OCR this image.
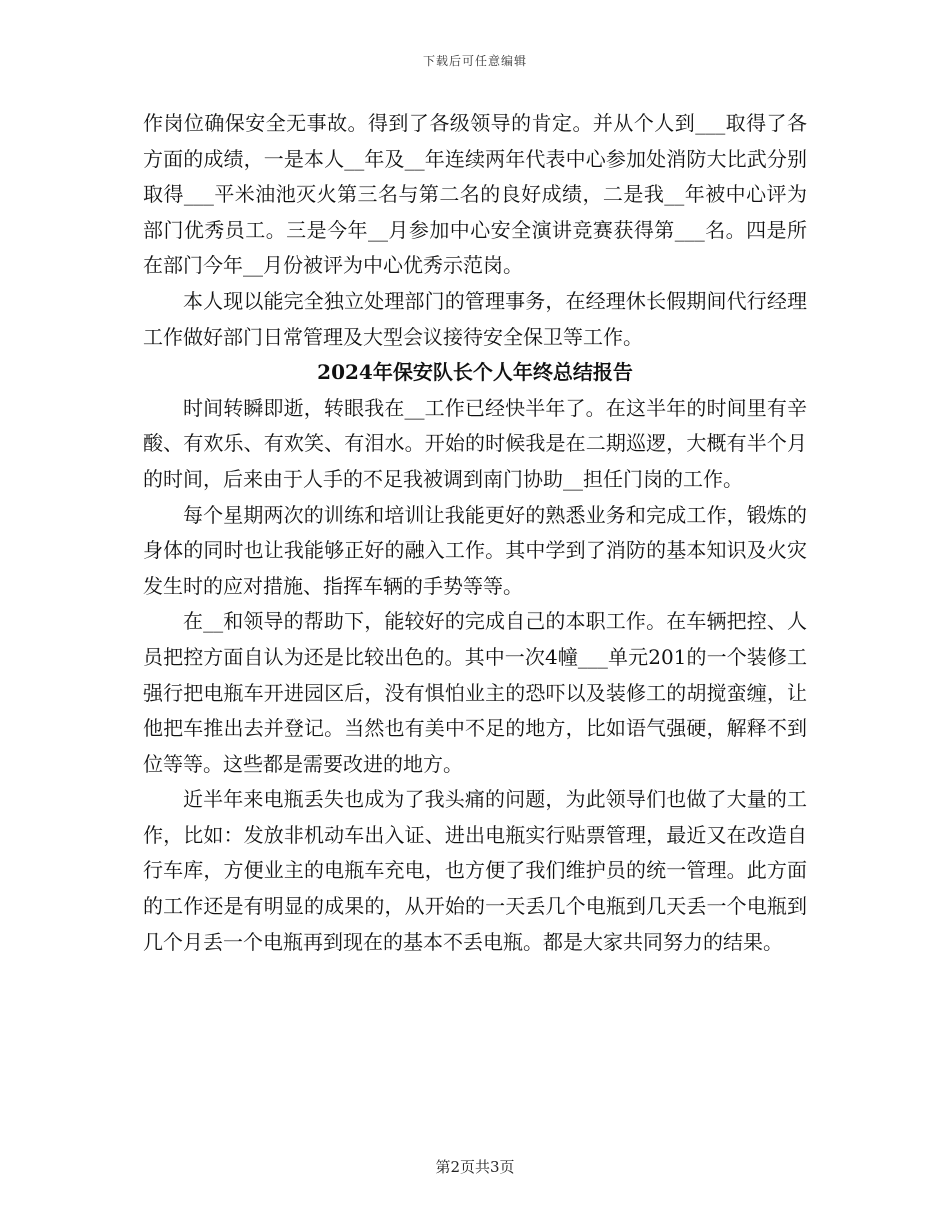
下载后可任意编辑

作岗位确保安全无事故。得到了各级领导的肯定。并从个人到___取得了各方面的成绩，一是本人__年及__年连续两年代表中心参加处消防大比武分别取得___平米油池灭火第三名与第二名的良好成绩，二是我__年被中心评为部门优秀员工。三是今年__月参加中心安全演讲竞赛获得第___名。四是所在部门今年__月份被评为中心优秀示范岗。

本人现以能完全独立处理部门的管理事务，在经理休长假期间代行经理工作做好部门日常管理及大型会议接待安全保卫等工作。

2024年保安队长个人年终总结报告

时间转瞬即逝，转眼我在__工作已经快半年了。在这半年的时间里有辛酸、有欢乐、有欢笑、有泪水。开始的时候我是在二期巡逻，大概有半个月的时间，后来由于人手的不足我被调到南门协助__担任门岗的工作。

每个星期两次的训练和培训让我能更好的熟悉业务和完成工作，锻炼的身体的同时也让我能够正好的融入工作。其中学到了消防的基本知识及火灾发生时的应对措施、指挥车辆的手势等等。

在__和领导的帮助下，能较好的完成自己的本职工作。在车辆把控、人员把控方面自认为还是比较出色的。其中一次4幢___单元201的一个装修工强行把电瓶车开进园区后，没有惧怕业主的恐吓以及装修工的胡搅蛮缠，让他把车推出去并登记。当然也有美中不足的地方，比如语气强硬，解释不到位等等。这些都是需要改进的地方。

近半年来电瓶丢失也成为了我头痛的问题，为此领导们也做了大量的工作，比如：发放非机动车出入证、进出电瓶实行贴票管理，最近又在改造自行车库，方便业主的电瓶车充电，也方便了我们维护员的统一管理。此方面的工作还是有明显的成果的，从开始的一天丢几个电瓶到几天丢一个电瓶到几个月丢一个电瓶再到现在的基本不丢电瓶。都是大家共同努力的结果。

第2页共3页
